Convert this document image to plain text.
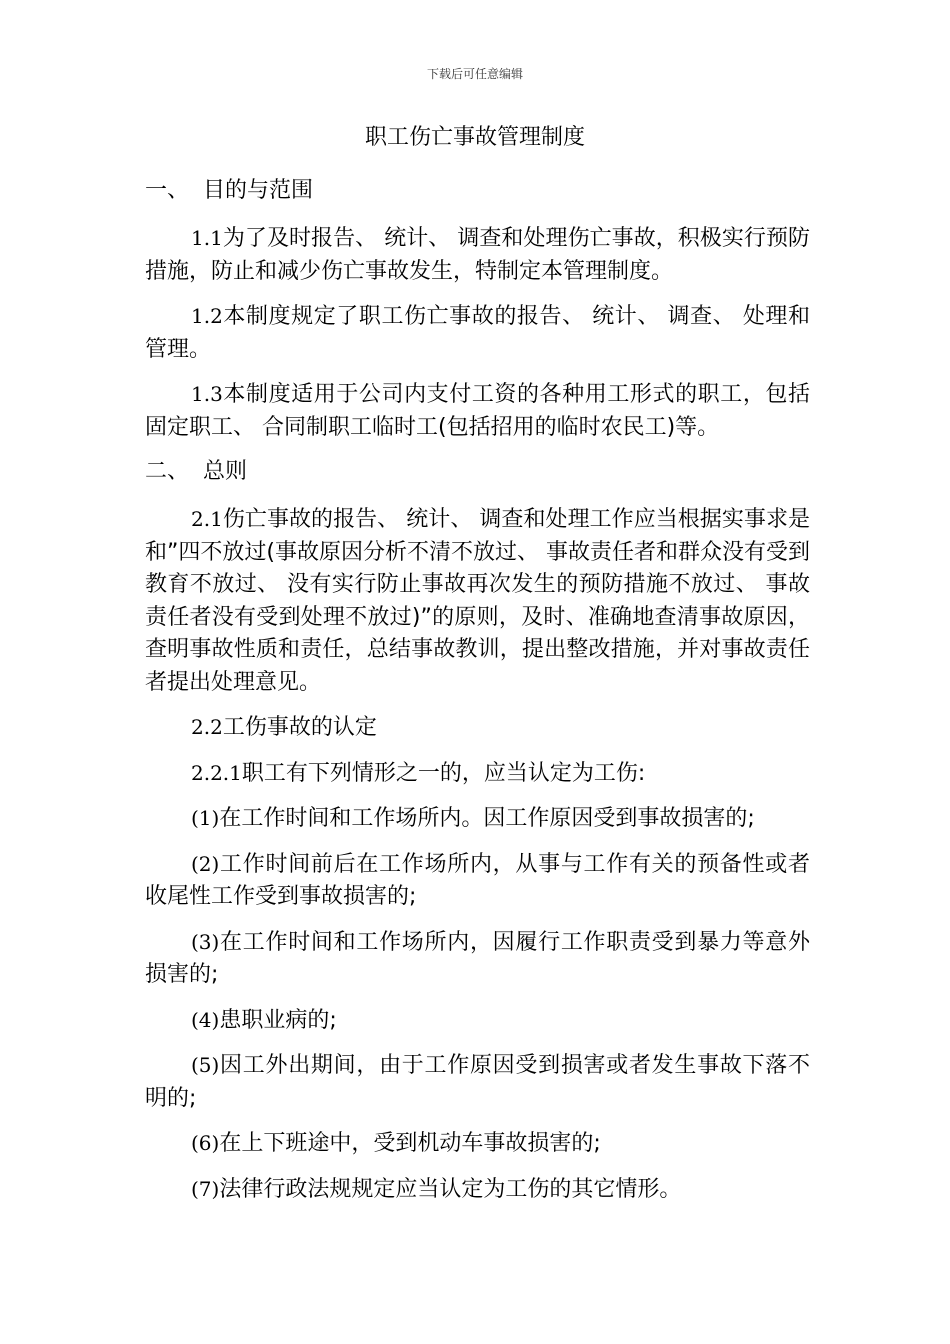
下载后可任意编辑
职工伤亡事故管理制度
一、 目的与范围

1.1为了及时报告、 统计、 调查和处理伤亡事故，积极实行预防措施，防止和减少伤亡事故发生，特制定本管理制度。

1.2本制度规定了职工伤亡事故的报告、 统计、 调查、 处理和管理。

1.3本制度适用于公司内支付工资的各种用工形式的职工，包括固定职工、 合同制职工临时工(包括招用的临时农民工)等。

二、 总则

2.1伤亡事故的报告、 统计、 调查和处理工作应当根据实事求是和”四不放过(事故原因分析不清不放过、 事故责任者和群众没有受到教育不放过、 没有实行防止事故再次发生的预防措施不放过、 事故责任者没有受到处理不放过)”的原则，及时、准确地查清事故原因，查明事故性质和责任，总结事故教训，提出整改措施，并对事故责任者提出处理意见。

2.2工伤事故的认定

2.2.1职工有下列情形之一的，应当认定为工伤:

(1)在工作时间和工作场所内。因工作原因受到事故损害的;

(2)工作时间前后在工作场所内，从事与工作有关的预备性或者收尾性工作受到事故损害的;

(3)在工作时间和工作场所内，因履行工作职责受到暴力等意外损害的;

(4)患职业病的;

(5)因工外出期间，由于工作原因受到损害或者发生事故下落不明的;

(6)在上下班途中，受到机动车事故损害的;

(7)法律行政法规规定应当认定为工伤的其它情形。
